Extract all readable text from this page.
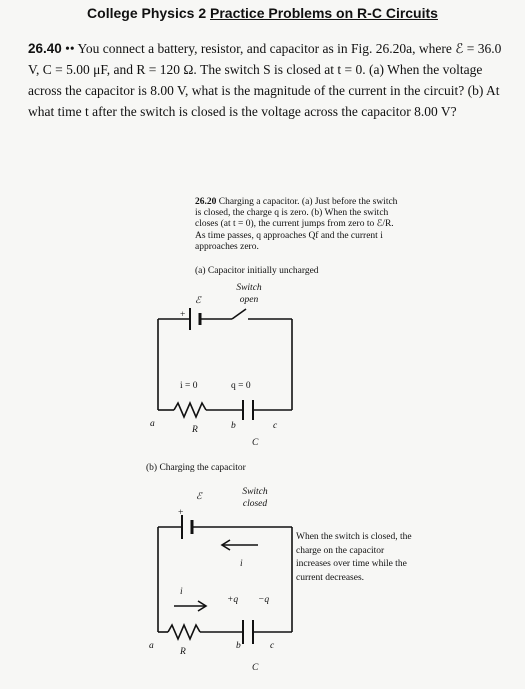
College Physics 2 Practice Problems on R-C Circuits
26.40 •• You connect a battery, resistor, and capacitor as in Fig. 26.20a, where ℰ = 36.0 V, C = 5.00 μF, and R = 120 Ω. The switch S is closed at t = 0. (a) When the voltage across the capacitor is 8.00 V, what is the magnitude of the current in the circuit? (b) At what time t after the switch is closed is the voltage across the capacitor 8.00 V?
26.20 Charging a capacitor. (a) Just before the switch is closed, the charge q is zero. (b) When the switch closes (at t = 0), the current jumps from zero to ℰ/R. As time passes, q approaches Qf and the current i approaches zero.
(a) Capacitor initially uncharged
Switch open
ℰ
+
i = 0	q = 0
a
R	b	c
C
(b) Charging the capacitor
Switch closed
ℰ
+
i
i
+q −q
a
R
b	c
C
When the switch is closed, the charge on the capacitor increases over time while the current decreases.
